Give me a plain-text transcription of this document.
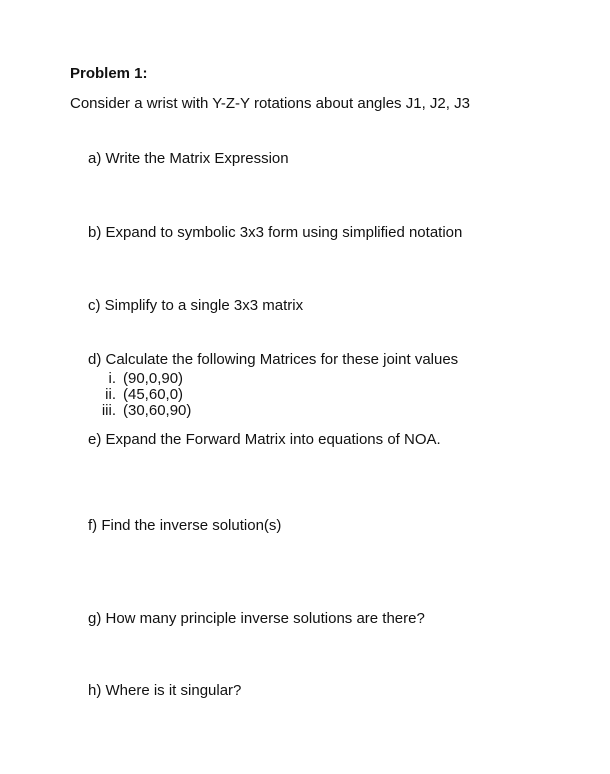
Problem 1:
Consider a wrist with Y-Z-Y rotations about angles J1, J2, J3
a) Write the Matrix Expression
b) Expand to symbolic 3x3 form using simplified notation
c) Simplify to a single 3x3 matrix
d) Calculate the following Matrices for these joint values
i. (90,0,90)
ii. (45,60,0)
iii. (30,60,90)
e) Expand the Forward Matrix into equations of NOA.
f) Find the inverse solution(s)
g) How many principle inverse solutions are there?
h) Where is it singular?
